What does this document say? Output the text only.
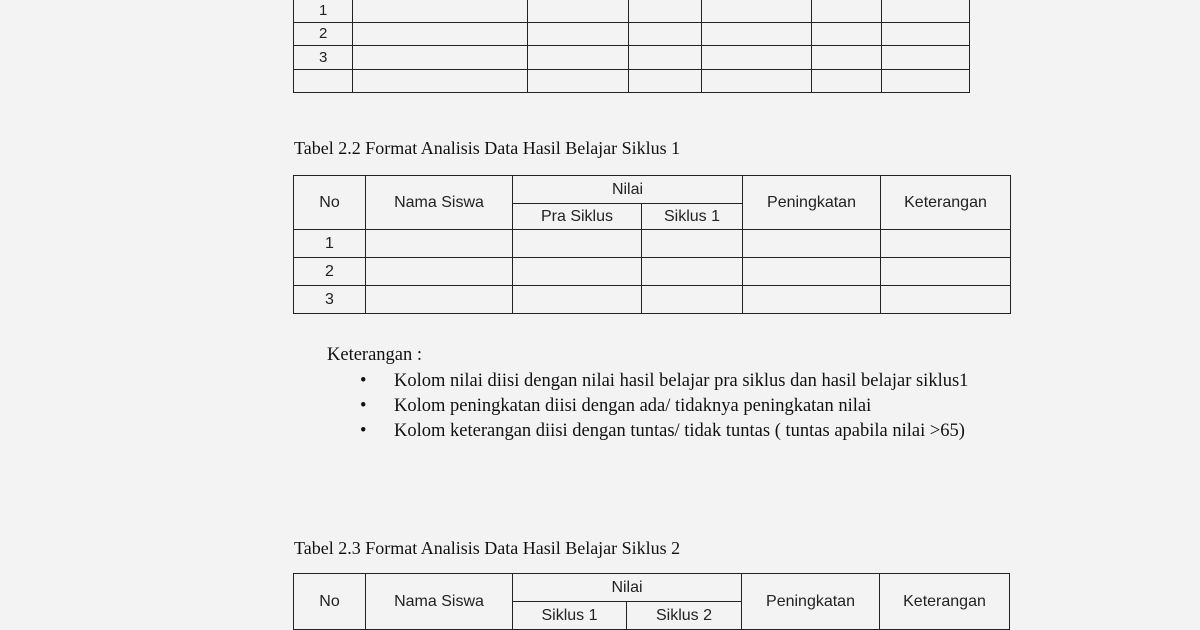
1						
2						
3						

Tabel 2.2 Format Analisis Data Hasil Belajar Siklus 1
No	Nama Siswa	Nilai		Peningkatan	Keterangan
		Pra Siklus	Siklus 1		
1					
2					
3					
Keterangan :
• Kolom nilai diisi dengan nilai hasil belajar pra siklus dan hasil belajar siklus1
• Kolom peningkatan diisi dengan ada/ tidaknya peningkatan nilai
• Kolom keterangan diisi dengan tuntas/ tidak tuntas ( tuntas apabila nilai >65)
Tabel 2.3 Format Analisis Data Hasil Belajar Siklus 2
No	Nama Siswa	Nilai		Peningkatan	Keterangan
		Siklus 1	Siklus 2		
